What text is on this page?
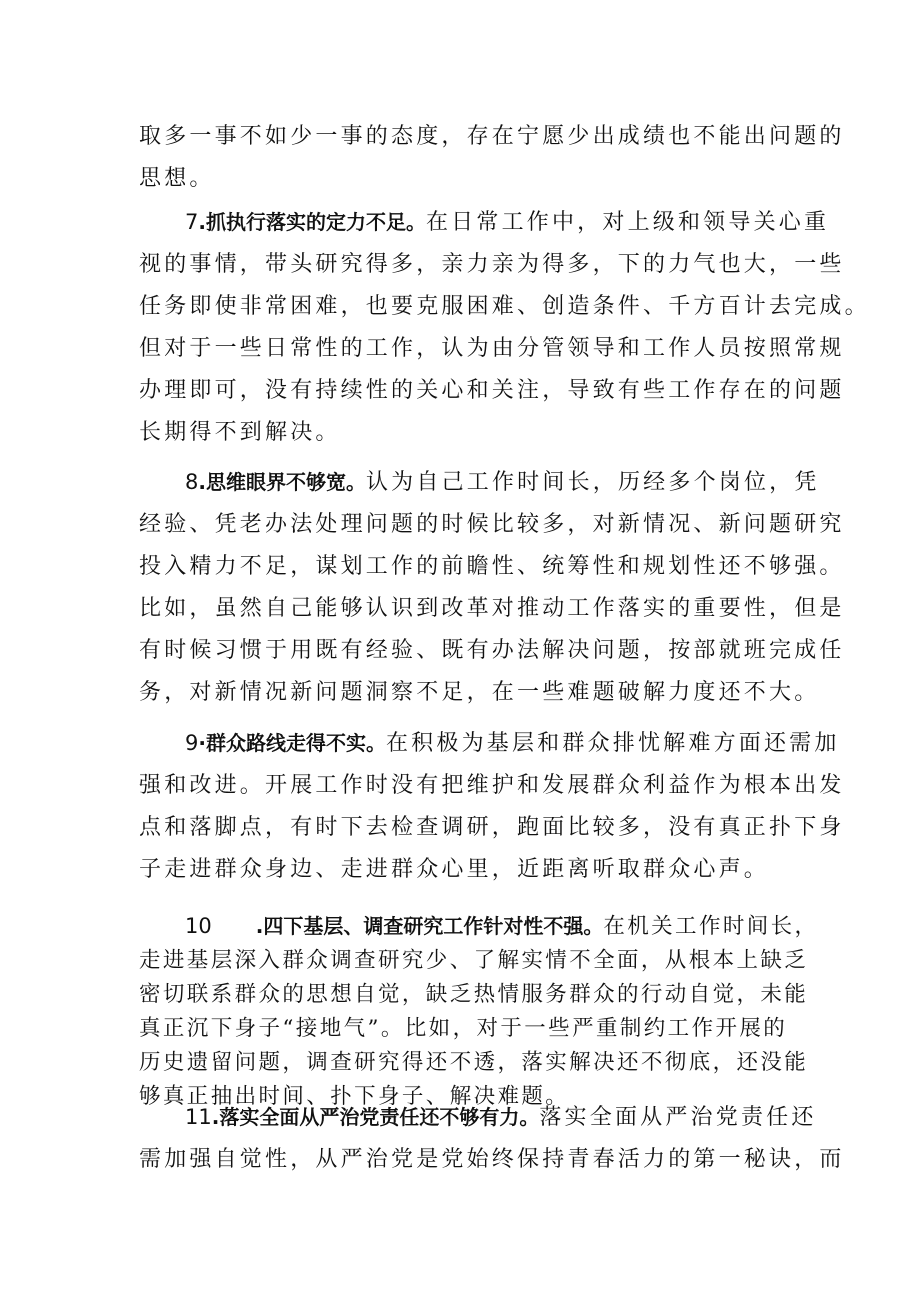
取多一事不如少一事的态度，存在宁愿少出成绩也不能出问题的
思想。

7.抓执行落实的定力不足。在日常工作中，对上级和领导关心重
视的事情，带头研究得多，亲力亲为得多，下的力气也大，一些
任务即使非常困难，也要克服困难、创造条件、千方百计去完成。
但对于一些日常性的工作，认为由分管领导和工作人员按照常规
办理即可，没有持续性的关心和关注，导致有些工作存在的问题
长期得不到解决。

8.思维眼界不够宽。认为自己工作时间长，历经多个岗位，凭
经验、凭老办法处理问题的时候比较多，对新情况、新问题研究
投入精力不足，谋划工作的前瞻性、统筹性和规划性还不够强。
比如，虽然自己能够认识到改革对推动工作落实的重要性，但是
有时候习惯于用既有经验、既有办法解决问题，按部就班完成任
务，对新情况新问题洞察不足，在一些难题破解力度还不大。

9·群众路线走得不实。在积极为基层和群众排忧解难方面还需加
强和改进。开展工作时没有把维护和发展群众利益作为根本出发
点和落脚点，有时下去检查调研，跑面比较多，没有真正扑下身
子走进群众身边、走进群众心里，近距离听取群众心声。

10 .四下基层、调查研究工作针对性不强。在机关工作时间长，
走进基层深入群众调查研究少、了解实情不全面，从根本上缺乏
密切联系群众的思想自觉，缺乏热情服务群众的行动自觉，未能
真正沉下身子“接地气”。比如，对于一些严重制约工作开展的
历史遗留问题，调查研究得还不透，落实解决还不彻底，还没能
够真正抽出时间、扑下身子、解决难题。

11.落实全面从严治党责任还不够有力。落实全面从严治党责任还
需加强自觉性，从严治党是党始终保持青春活力的第一秘诀，而
